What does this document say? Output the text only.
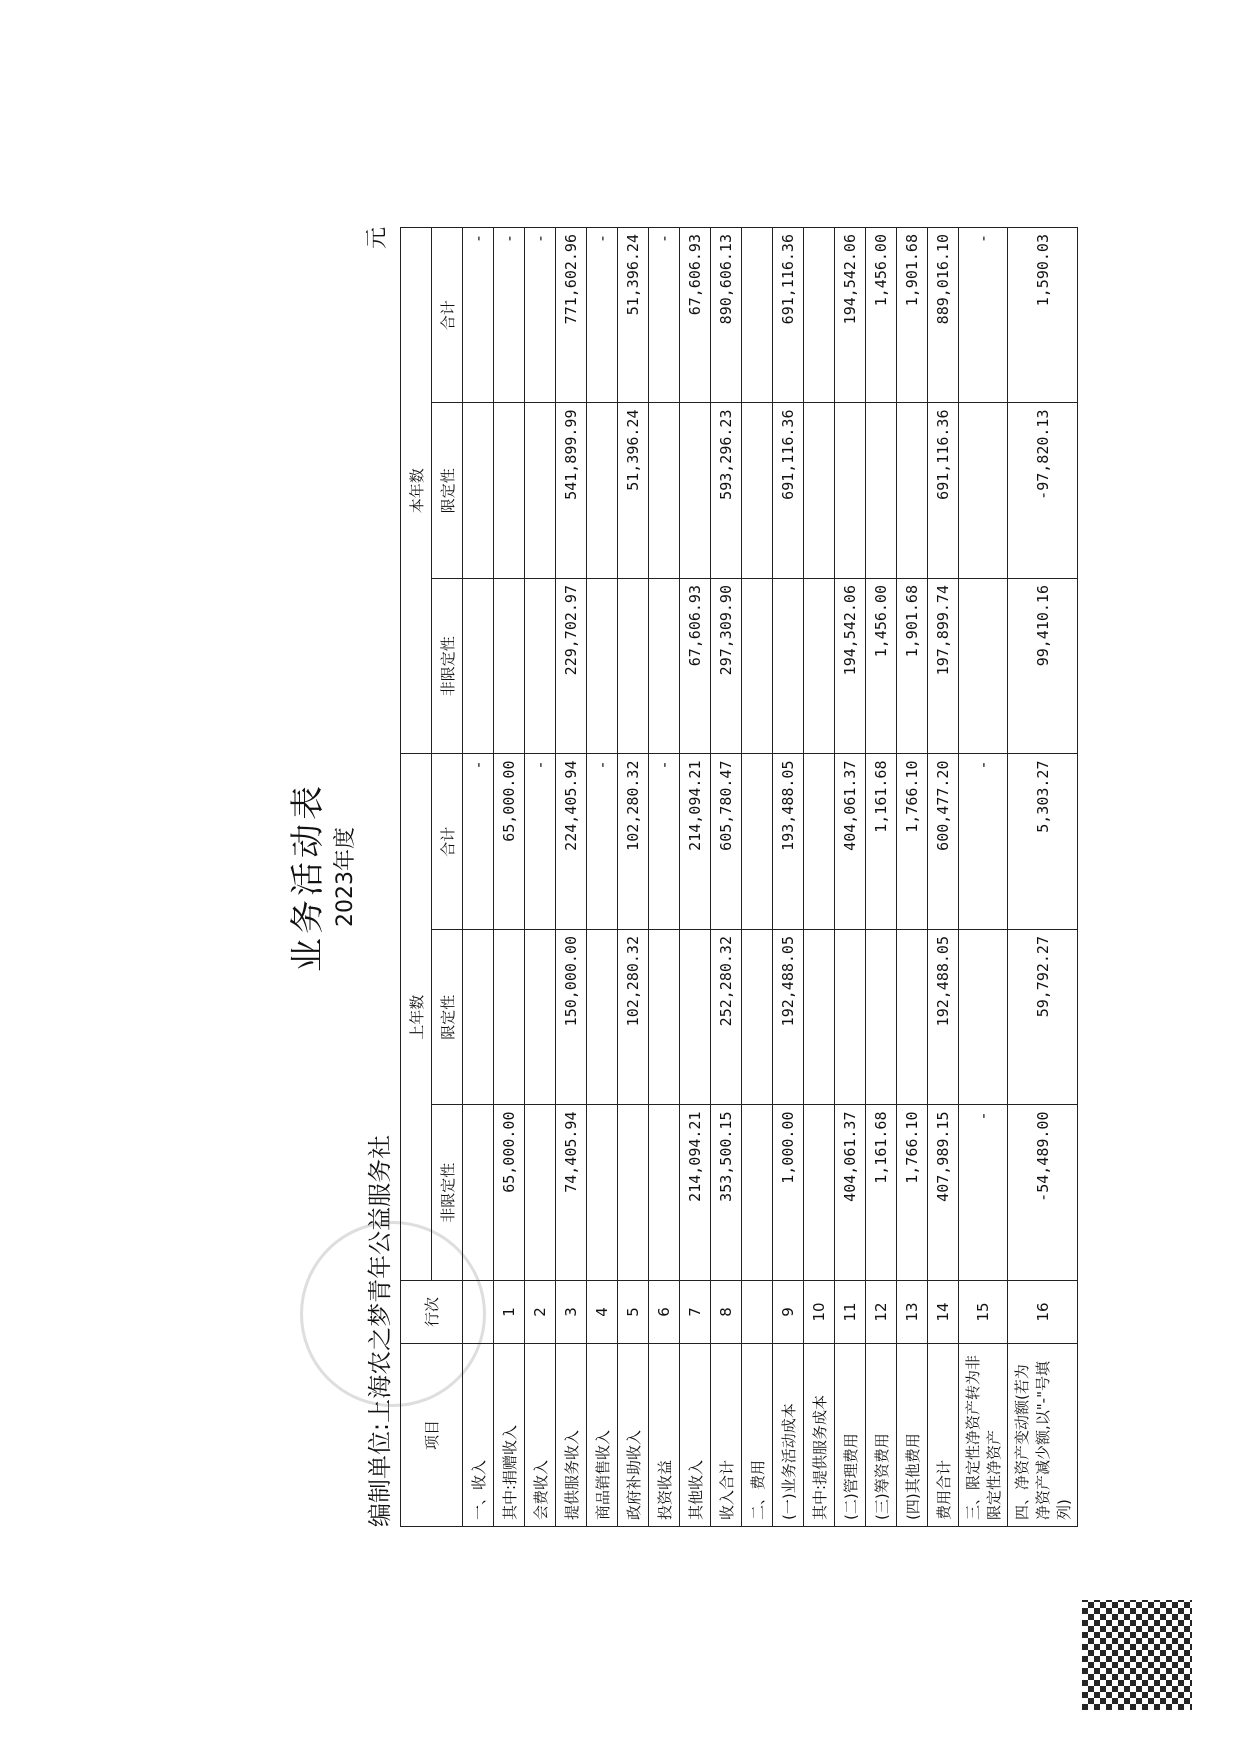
业务活动表 2023年度
编制单位:上海农之梦青年公益服务社
元
项目	行次	上年数			本年数		
		非限定性	限定性	合计	非限定性	限定性	合计
一、收入				-			-
其中:捐赠收入	1	65,000.00		65,000.00			-
会费收入	2			-			-
提供服务收入	3	74,405.94	150,000.00	224,405.94	229,702.97	541,899.99	771,602.96
商品销售收入	4			-			-
政府补助收入	5		102,280.32	102,280.32		51,396.24	51,396.24
投资收益	6			-			-
其他收入	7	214,094.21		214,094.21	67,606.93		67,606.93
收入合计	8	353,500.15	252,280.32	605,780.47	297,309.90	593,296.23	890,606.13
二、费用							
(一)业务活动成本	9	1,000.00	192,488.05	193,488.05		691,116.36	691,116.36
其中:提供服务成本	10						
(二)管理费用	11	404,061.37		404,061.37	194,542.06		194,542.06
(三)筹资费用	12	1,161.68		1,161.68	1,456.00		1,456.00
(四)其他费用	13	1,766.10		1,766.10	1,901.68		1,901.68
费用合计	14	407,989.15	192,488.05	600,477.20	197,899.74	691,116.36	889,016.10
三、限定性净资产转为非限定性净资产	15	-		-			-
四、净资产变动额(若为净资产减少额,以"-"号填列)	16	-54,489.00	59,792.27	5,303.27	99,410.16	-97,820.13	1,590.03
